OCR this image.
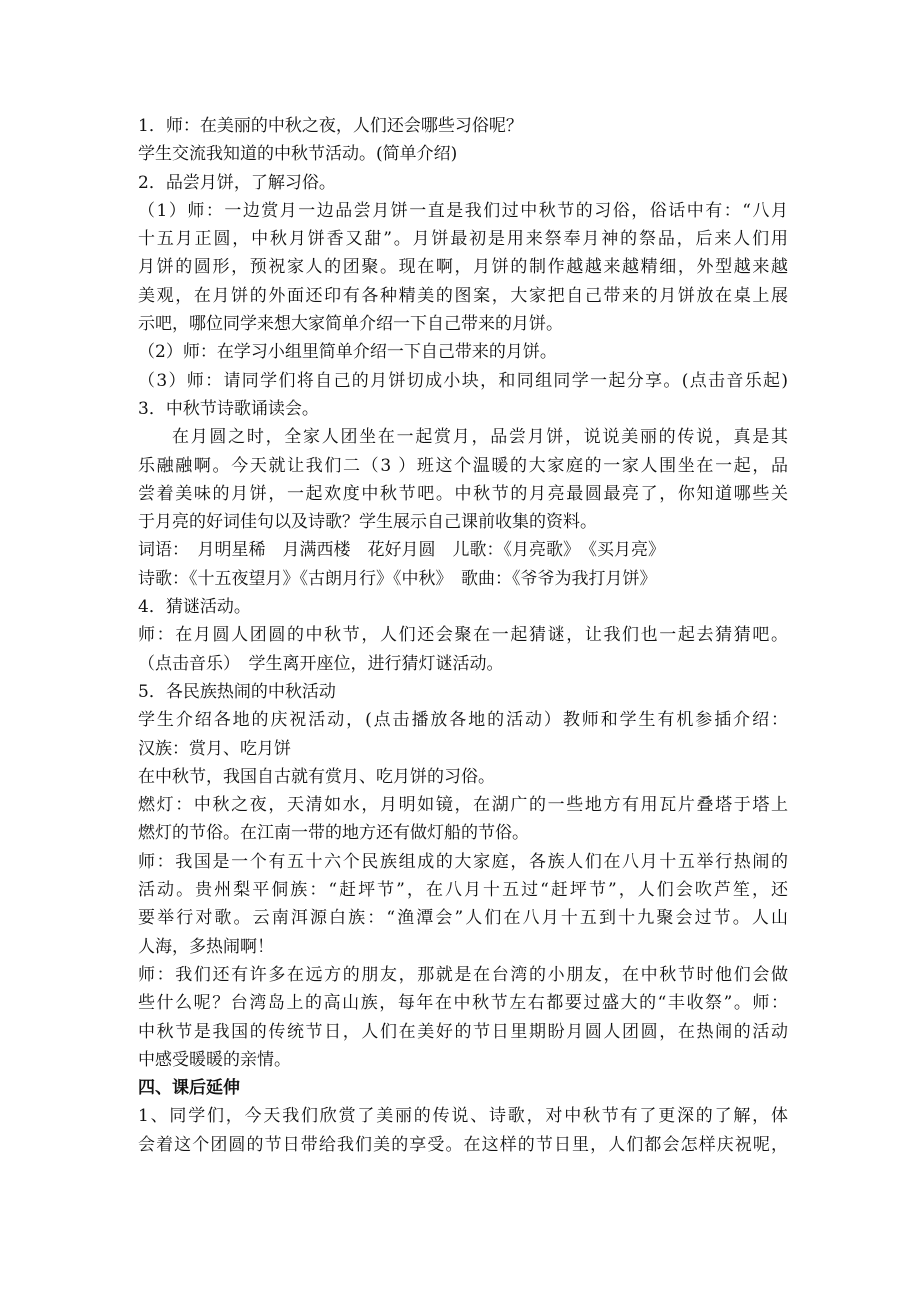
1．师：在美丽的中秋之夜，人们还会哪些习俗呢？
学生交流我知道的中秋节活动。(简单介绍)
2．品尝月饼，了解习俗。
（1）师：一边赏月一边品尝月饼一直是我们过中秋节的习俗，俗话中有：“八月
十五月正圆，中秋月饼香又甜”。月饼最初是用来祭奉月神的祭品，后来人们用
月饼的圆形，预祝家人的团聚。现在啊，月饼的制作越越来越精细，外型越来越
美观，在月饼的外面还印有各种精美的图案，大家把自己带来的月饼放在桌上展
示吧，哪位同学来想大家简单介绍一下自己带来的月饼。
（2）师：在学习小组里简单介绍一下自己带来的月饼。
（3）师：请同学们将自己的月饼切成小块，和同组同学一起分享。(点击音乐起)
3．中秋节诗歌诵读会。
在月圆之时，全家人团坐在一起赏月，品尝月饼，说说美丽的传说，真是其
乐融融啊。今天就让我们二（3 ）班这个温暖的大家庭的一家人围坐在一起，品
尝着美味的月饼，一起欢度中秋节吧。中秋节的月亮最圆最亮了，你知道哪些关
于月亮的好词佳句以及诗歌？学生展示自己课前收集的资料。
词语：　月明星稀　月满西楼　花好月圆　儿歌：《月亮歌》　《买月亮》
诗歌：《十五夜望月》《古朗月行》《中秋》　歌曲：《爷爷为我打月饼》
4．猜谜活动。
师：在月圆人团圆的中秋节，人们还会聚在一起猜谜，让我们也一起去猜猜吧。
（点击音乐）　学生离开座位，进行猜灯谜活动。
5．各民族热闹的中秋活动
学生介绍各地的庆祝活动，(点击播放各地的活动）教师和学生有机参插介绍：
汉族：赏月、吃月饼
在中秋节，我国自古就有赏月、吃月饼的习俗。
燃灯：中秋之夜，天清如水，月明如镜，在湖广的一些地方有用瓦片叠塔于塔上
燃灯的节俗。在江南一带的地方还有做灯船的节俗。
师：我国是一个有五十六个民族组成的大家庭，各族人们在八月十五举行热闹的
活动。贵州梨平侗族：“赶坪节”，在八月十五过“赶坪节”，人们会吹芦笙，还
要举行对歌。云南洱源白族：“渔潭会”人们在八月十五到十九聚会过节。人山
人海，多热闹啊！
师：我们还有许多在远方的朋友，那就是在台湾的小朋友，在中秋节时他们会做
些什么呢？台湾岛上的高山族，每年在中秋节左右都要过盛大的“丰收祭”。师：
中秋节是我国的传统节日，人们在美好的节日里期盼月圆人团圆，在热闹的活动
中感受暖暖的亲情。
四、课后延伸
1、同学们，今天我们欣赏了美丽的传说、诗歌，对中秋节有了更深的了解，体
会着这个团圆的节日带给我们美的享受。在这样的节日里，人们都会怎样庆祝呢，
